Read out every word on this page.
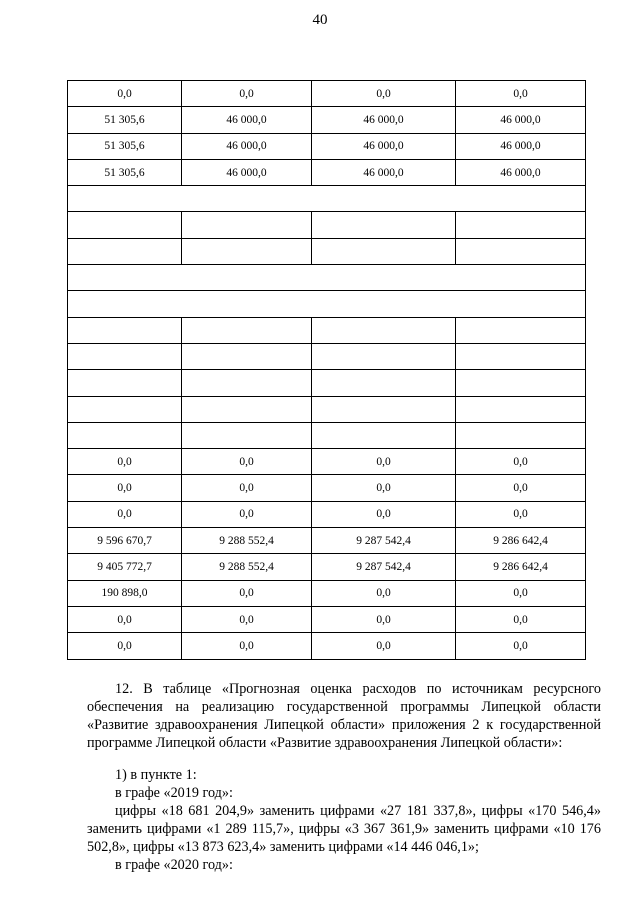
40
0,0	0,0	0,0	0,0
51 305,6	46 000,0	46 000,0	46 000,0
51 305,6	46 000,0	46 000,0	46 000,0
51 305,6	46 000,0	46 000,0	46 000,0

0,0	0,0	0,0	0,0
0,0	0,0	0,0	0,0
0,0	0,0	0,0	0,0
9 596 670,7	9 288 552,4	9 287 542,4	9 286 642,4
9 405 772,7	9 288 552,4	9 287 542,4	9 286 642,4
190 898,0	0,0	0,0	0,0
0,0	0,0	0,0	0,0
0,0	0,0	0,0	0,0

12. В таблице «Прогнозная оценка расходов по источникам ресурсного обеспечения на реализацию государственной программы Липецкой области «Развитие здравоохранения Липецкой области» приложения 2 к государственной программе Липецкой области «Развитие здравоохранения Липецкой области»:

1) в пункте 1:

в графе «2019 год»:

цифры «18 681 204,9» заменить цифрами «27 181 337,8», цифры «170 546,4» заменить цифрами «1 289 115,7», цифры «3 367 361,9» заменить цифрами «10 176 502,8», цифры «13 873 623,4» заменить цифрами «14 446 046,1»;

в графе «2020 год»:
